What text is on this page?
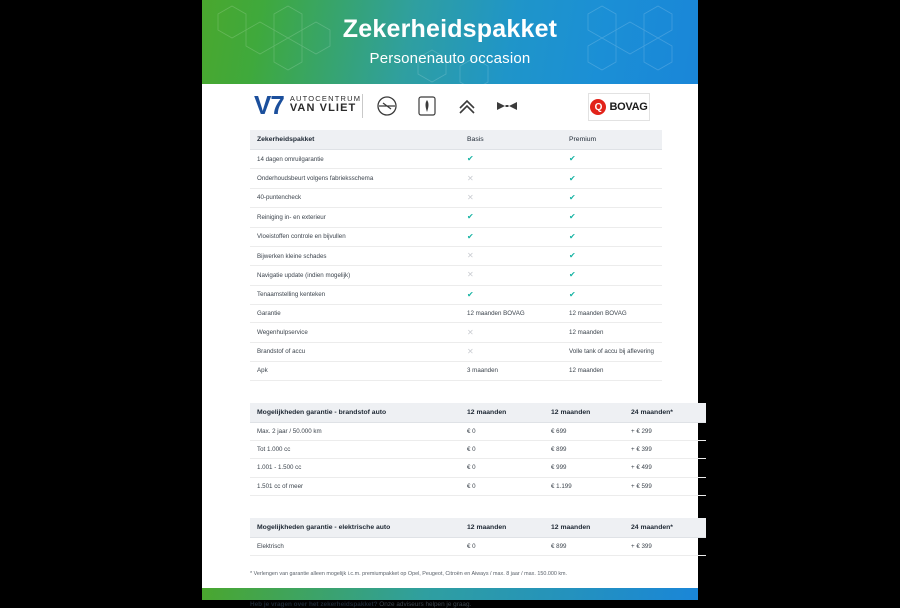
Zekerheidspakket
Personenauto occasion
V7 AUTOCENTRUM
VAN VLIET	Q BOVAG
Zekerheidspakket	Basis	Premium
14 dagen omruilgarantie	✔	✔
Onderhoudsbeurt volgens fabrieksschema	✕	✔
40-puntencheck	✕	✔
Reiniging in- en exterieur	✔	✔
Vloeistoffen controle en bijvullen	✔	✔
Bijwerken kleine schades	✕	✔
Navigatie update (indien mogelijk)	✕	✔
Tenaamstelling kenteken	✔	✔
Garantie	12 maanden BOVAG	12 maanden BOVAG
Wegenhulpservice	✕	12 maanden
Brandstof of accu	✕	Volle tank of accu bij aflevering
Apk	3 maanden	12 maanden
Mogelijkheden garantie - brandstof auto	12 maanden	12 maanden	24 maanden*
Max. 2 jaar / 50.000 km	€ 0	€ 699	+ € 299
Tot 1.000 cc	€ 0	€ 899	+ € 399
1.001 - 1.500 cc	€ 0	€ 999	+ € 499
1.501 cc of meer	€ 0	€ 1.199	+ € 599
Mogelijkheden garantie - elektrische auto	12 maanden	12 maanden	24 maanden*
Elektrisch	€ 0	€ 899	+ € 399
* Verlengen van garantie alleen mogelijk i.c.m. premiumpakket op Opel, Peugeot, Citroën en Aiways / max. 8 jaar / max. 150.000 km.
Heb je vragen over het zekerheidspakket? Onze adviseurs helpen je graag.
